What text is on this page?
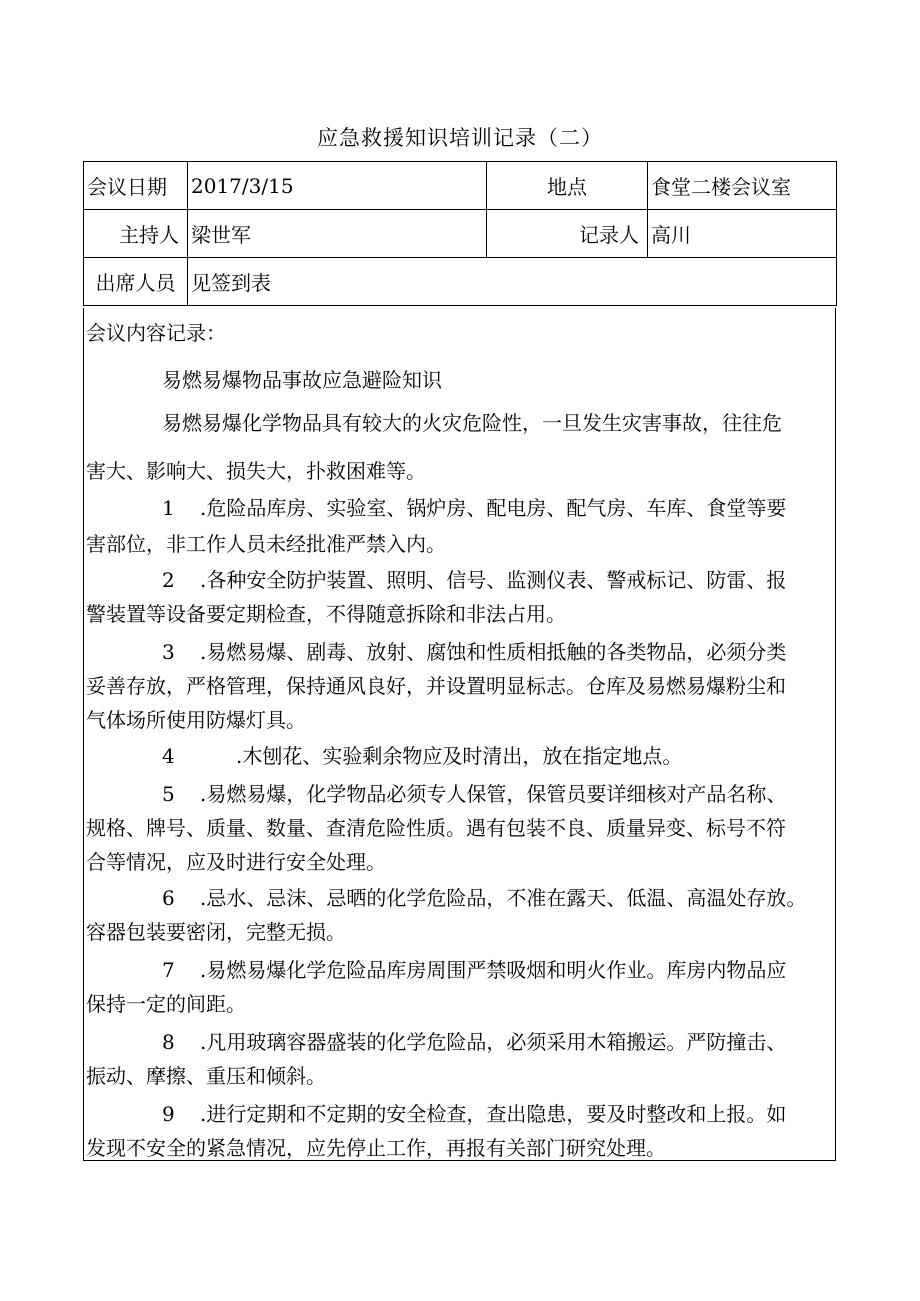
应急救援知识培训记录（二）
会议日期	2017/3/15	地点	食堂二楼会议室
主持人	梁世军	记录人	高川
出席人员	见签到表		

会议内容记录：

易燃易爆物品事故应急避险知识

易燃易爆化学物品具有较大的火灾危险性，一旦发生灾害事故，往往危

害大、影响大、损失大，扑救困难等。

1 .危险品库房、实验室、锅炉房、配电房、配气房、车库、食堂等要

害部位，非工作人员未经批准严禁入内。

2 .各种安全防护装置、照明、信号、监测仪表、警戒标记、防雷、报

警装置等设备要定期检查，不得随意拆除和非法占用。

3 .易燃易爆、剧毒、放射、腐蚀和性质相抵触的各类物品，必须分类

妥善存放，严格管理，保持通风良好，并设置明显标志。仓库及易燃易爆粉尘和

气体场所使用防爆灯具。

4	.木刨花、实验剩余物应及时清出，放在指定地点。

5 .易燃易爆，化学物品必须专人保管，保管员要详细核对产品名称、

规格、牌号、质量、数量、查清危险性质。遇有包装不良、质量异变、标号不符

合等情况，应及时进行安全处理。

6 .忌水、忌沫、忌晒的化学危险品，不准在露天、低温、高温处存放。

容器包装要密闭，完整无损。

7 .易燃易爆化学危险品库房周围严禁吸烟和明火作业。库房内物品应

保持一定的间距。

8 .凡用玻璃容器盛装的化学危险品，必须采用木箱搬运。严防撞击、

振动、摩擦、重压和倾斜。

9 .进行定期和不定期的安全检查，查出隐患，要及时整改和上报。如

发现不安全的紧急情况，应先停止工作，再报有关部门研究处理。
